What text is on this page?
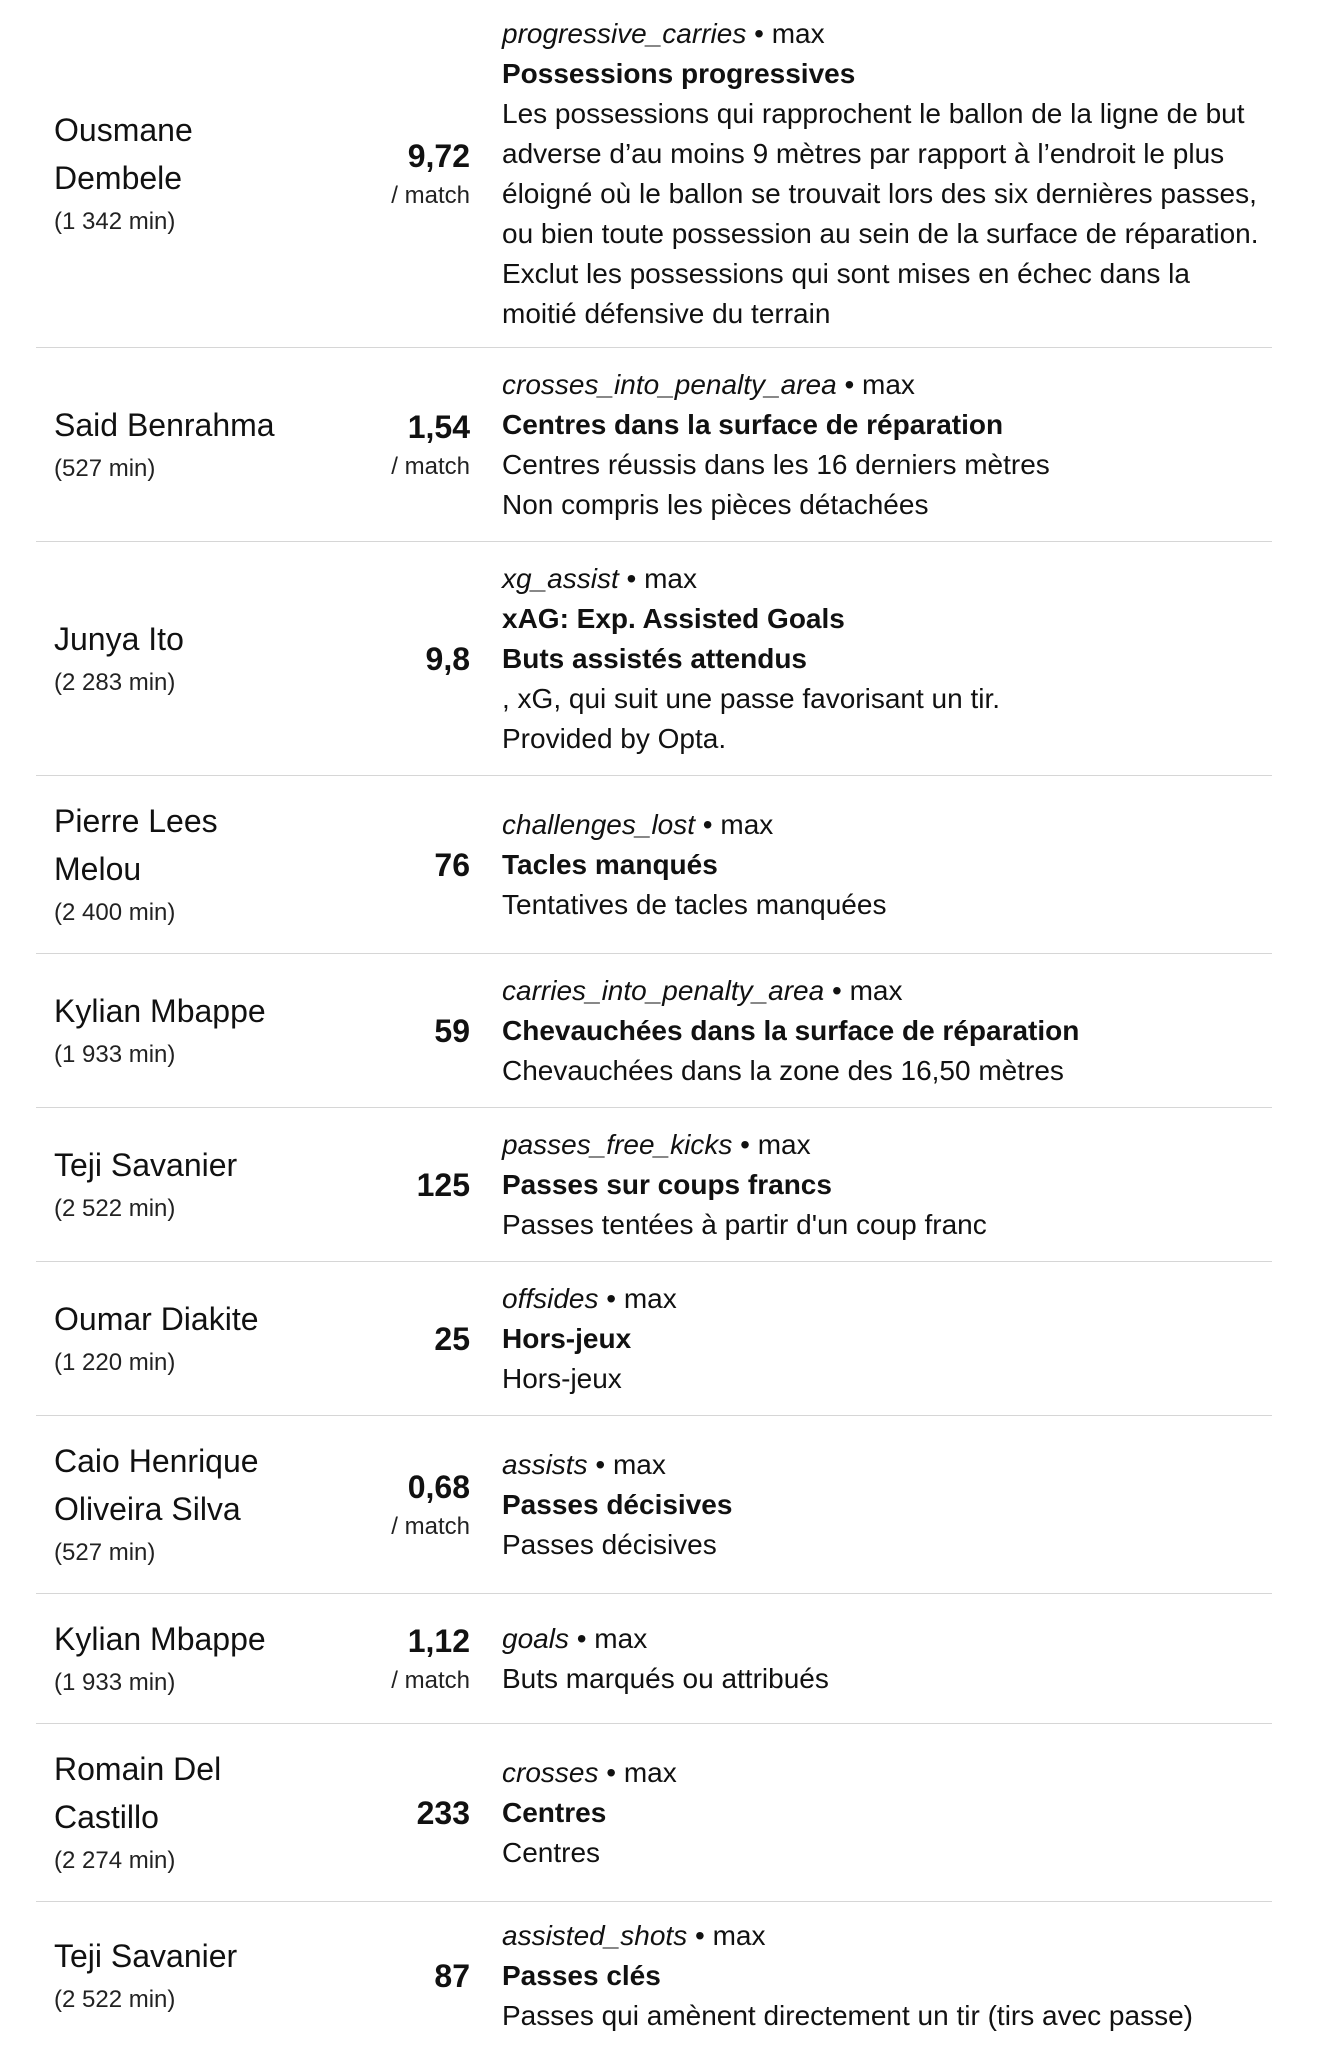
Ousmane Dembele
(1 342 min)
9,72
/ match
progressive_carries • max
Possessions progressives
Les possessions qui rapprochent le ballon de la ligne de but adverse d’au moins 9 mètres par rapport à l’endroit le plus éloigné où le ballon se trouvait lors des six dernières passes, ou bien toute possession au sein de la surface de réparation. Exclut les possessions qui sont mises en échec dans la moitié défensive du terrain
Said Benrahma
(527 min)
1,54
/ match
crosses_into_penalty_area • max
Centres dans la surface de réparation
Centres réussis dans les 16 derniers mètres
Non compris les pièces détachées
Junya Ito
(2 283 min)
9,8
xg_assist • max
xAG: Exp. Assisted Goals
Buts assistés attendus
, xG, qui suit une passe favorisant un tir.
Provided by Opta.
Pierre Lees Melou
(2 400 min)
76
challenges_lost • max
Tacles manqués
Tentatives de tacles manquées
Kylian Mbappe
(1 933 min)
59
carries_into_penalty_area • max
Chevauchées dans la surface de réparation
Chevauchées dans la zone des 16,50 mètres
Teji Savanier
(2 522 min)
125
passes_free_kicks • max
Passes sur coups francs
Passes tentées à partir d'un coup franc
Oumar Diakite
(1 220 min)
25
offsides • max
Hors-jeux
Hors-jeux
Caio Henrique Oliveira Silva
(527 min)
0,68
/ match
assists • max
Passes décisives
Passes décisives
Kylian Mbappe
(1 933 min)
1,12
/ match
goals • max
Buts marqués ou attribués
Romain Del Castillo
(2 274 min)
233
crosses • max
Centres
Centres
Teji Savanier
(2 522 min)
87
assisted_shots • max
Passes clés
Passes qui amènent directement un tir (tirs avec passe)
